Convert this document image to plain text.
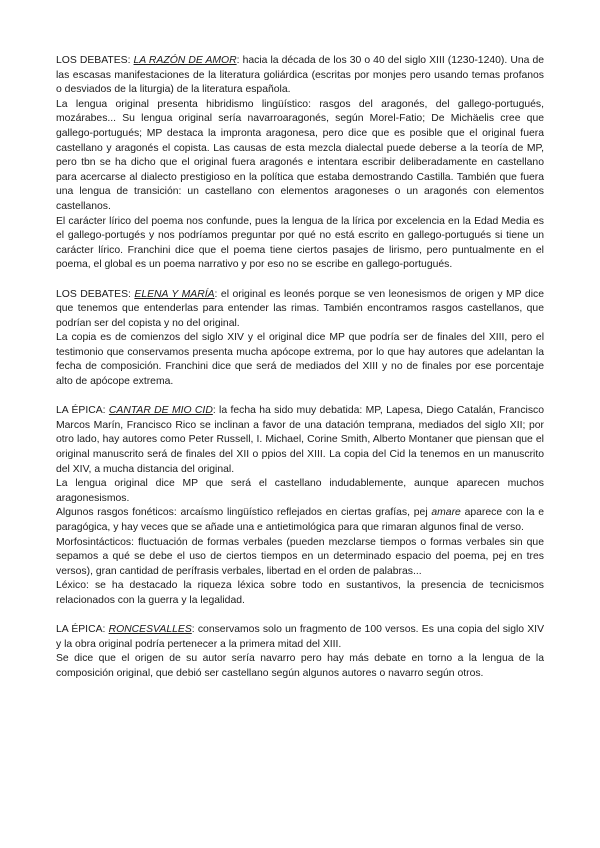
LOS DEBATES: LA RAZÓN DE AMOR: hacia la década de los 30 o 40 del siglo XIII (1230-1240). Una de las escasas manifestaciones de la literatura goliárdica (escritas por monjes pero usando temas profanos o desviados de la liturgia) de la literatura española.

La lengua original presenta hibridismo lingüístico: rasgos del aragonés, del gallego-portugués, mozárabes... Su lengua original sería navarroaragonés, según Morel-Fatio; De Michäelis cree que gallego-portugués; MP destaca la impronta aragonesa, pero dice que es posible que el original fuera castellano y aragonés el copista. Las causas de esta mezcla dialectal puede deberse a la teoría de MP, pero tbn se ha dicho que el original fuera aragonés e intentara escribir deliberadamente en castellano para acercarse al dialecto prestigioso en la política que estaba demostrando Castilla. También que fuera una lengua de transición: un castellano con elementos aragoneses o un aragonés con elementos castellanos.

El carácter lírico del poema nos confunde, pues la lengua de la lírica por excelencia en la Edad Media es el gallego-portugés y nos podríamos preguntar por qué no está escrito en gallego-portugués si tiene un carácter lírico. Franchini dice que el poema tiene ciertos pasajes de lirismo, pero puntualmente en el poema, el global es un poema narrativo y por eso no se escribe en gallego-portugués.

LOS DEBATES: ELENA Y MARÍA: el original es leonés porque se ven leonesismos de origen y MP dice que tenemos que entenderlas para entender las rimas. También encontramos rasgos castellanos, que podrían ser del copista y no del original.

La copia es de comienzos del siglo XIV y el original dice MP que podría ser de finales del XIII, pero el testimonio que conservamos presenta mucha apócope extrema, por lo que hay autores que adelantan la fecha de composición. Franchini dice que será de mediados del XIII y no de finales por ese porcentaje alto de apócope extrema.

LA ÉPICA: CANTAR DE MIO CID: la fecha ha sido muy debatida: MP, Lapesa, Diego Catalán, Francisco Marcos Marín, Francisco Rico se inclinan a favor de una datación temprana, mediados del siglo XII; por otro lado, hay autores como Peter Russell, I. Michael, Corine Smith, Alberto Montaner que piensan que el original manuscrito será de finales del XII o ppios del XIII. La copia del Cid la tenemos en un manuscrito del XIV, a mucha distancia del original.

La lengua original dice MP que será el castellano indudablemente, aunque aparecen muchos aragonesismos.

Algunos rasgos fonéticos: arcaísmo lingüístico reflejados en ciertas grafías, pej amare aparece con la e paragógica, y hay veces que se añade una e antietimológica para que rimaran algunos final de verso.

Morfosintácticos: fluctuación de formas verbales (pueden mezclarse tiempos o formas verbales sin que sepamos a qué se debe el uso de ciertos tiempos en un determinado espacio del poema, pej en tres versos), gran cantidad de perífrasis verbales, libertad en el orden de palabras...

Léxico: se ha destacado la riqueza léxica sobre todo en sustantivos, la presencia de tecnicismos relacionados con la guerra y la legalidad.

LA ÉPICA: RONCESVALLES: conservamos solo un fragmento de 100 versos. Es una copia del siglo XIV y la obra original podría pertenecer a la primera mitad del XIII.

Se dice que el origen de su autor sería navarro pero hay más debate en torno a la lengua de la composición original, que debió ser castellano según algunos autores o navarro según otros.
